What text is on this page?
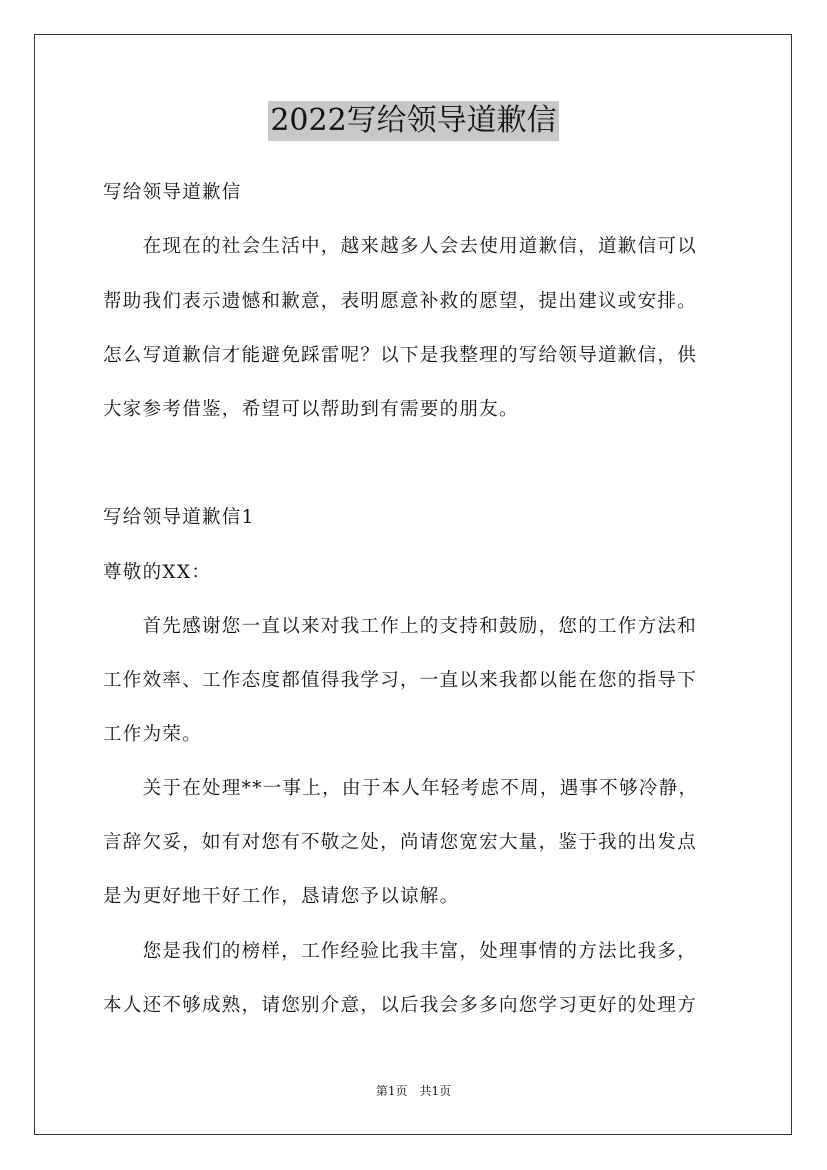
2022写给领导道歉信
写给领导道歉信
　　在现在的社会生活中，越来越多人会去使用道歉信，道歉信可以
帮助我们表示遗憾和歉意，表明愿意补救的愿望，提出建议或安排。
怎么写道歉信才能避免踩雷呢？以下是我整理的写给领导道歉信，供
大家参考借鉴，希望可以帮助到有需要的朋友。
写给领导道歉信1
尊敬的XX：
　　首先感谢您一直以来对我工作上的支持和鼓励，您的工作方法和
工作效率、工作态度都值得我学习，一直以来我都以能在您的指导下
工作为荣。
　　关于在处理**一事上，由于本人年轻考虑不周，遇事不够冷静，
言辞欠妥，如有对您有不敬之处，尚请您宽宏大量，鉴于我的出发点
是为更好地干好工作，恳请您予以谅解。
　　您是我们的榜样，工作经验比我丰富，处理事情的方法比我多，
本人还不够成熟，请您别介意，以后我会多多向您学习更好的处理方
第1页　共1页
